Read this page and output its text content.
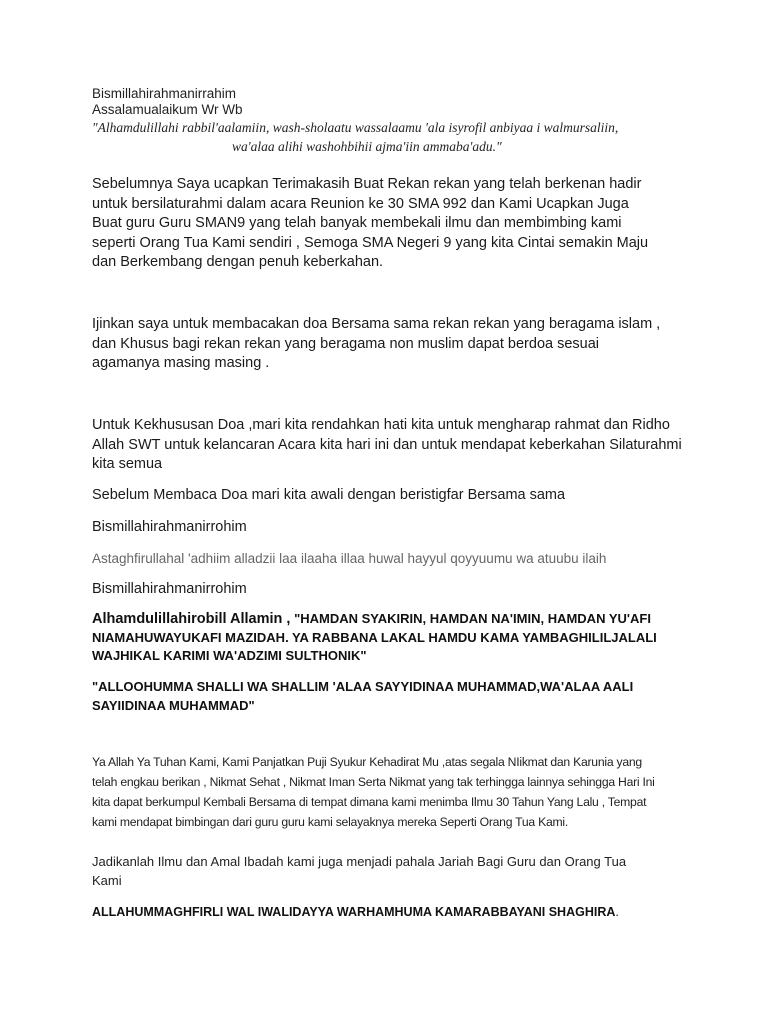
Bismillahirahmanirrahim

Assalamualaikum Wr Wb

"Alhamdulillahi rabbil'aalamiin, wash-sholaatu wassalaamu 'ala isyrofil anbiyaa i walmursaliin,
wa'alaa alihi washohbihii ajma'iin ammaba'adu."

Sebelumnya Saya ucapkan Terimakasih Buat Rekan rekan yang telah berkenan hadir untuk bersilaturahmi dalam acara Reunion ke 30 SMA 992 dan Kami Ucapkan Juga Buat guru Guru SMAN9 yang telah banyak membekali ilmu dan membimbing kami seperti Orang Tua Kami sendiri , Semoga SMA Negeri 9 yang kita Cintai semakin Maju dan Berkembang dengan penuh keberkahan.

Ijinkan saya untuk membacakan doa Bersama sama rekan rekan yang beragama islam , dan Khusus bagi rekan rekan yang beragama non muslim dapat berdoa sesuai agamanya masing masing .

Untuk Kekhususan Doa ,mari kita rendahkan hati kita untuk mengharap rahmat dan Ridho Allah SWT untuk kelancaran Acara kita hari ini dan untuk mendapat keberkahan Silaturahmi kita semua

Sebelum Membaca Doa mari kita awali dengan beristigfar Bersama sama

Bismillahirahmanirrohim

Astaghfirullahal 'adhiim alladzii laa ilaaha illaa huwal hayyul qoyyuumu wa atuubu ilaih

Bismillahirahmanirrohim

Alhamdulillahirobill Allamin , "HAMDAN SYAKIRIN, HAMDAN NA'IMIN, HAMDAN YU'AFI NIAMAHUWAYUKAFI MAZIDAH. YA RABBANA LAKAL HAMDU KAMA YAMBAGHILILJALALI WAJHIKAL KARIMI WA'ADZIMI SULTHONIK"

"ALLOOHUMMA SHALLI WA SHALLIM 'ALAA SAYYIDINAA MUHAMMAD,WA'ALAA AALI SAYIIDINAA MUHAMMAD"

Ya Allah Ya Tuhan Kami, Kami Panjatkan Puji Syukur Kehadirat Mu ,atas segala NIikmat dan Karunia yang telah engkau berikan , Nikmat Sehat , Nikmat Iman Serta Nikmat yang tak terhingga lainnya sehingga Hari Ini kita dapat berkumpul Kembali Bersama di tempat dimana kami menimba Ilmu 30 Tahun Yang Lalu , Tempat kami mendapat bimbingan dari guru guru kami selayaknya mereka Seperti Orang Tua Kami.

Jadikanlah Ilmu dan Amal Ibadah kami juga menjadi pahala Jariah Bagi Guru dan Orang Tua Kami

ALLAHUMMAGHFIRLI WAL IWALIDAYYA WARHAMHUMA KAMARABBAYANI SHAGHIRA.
